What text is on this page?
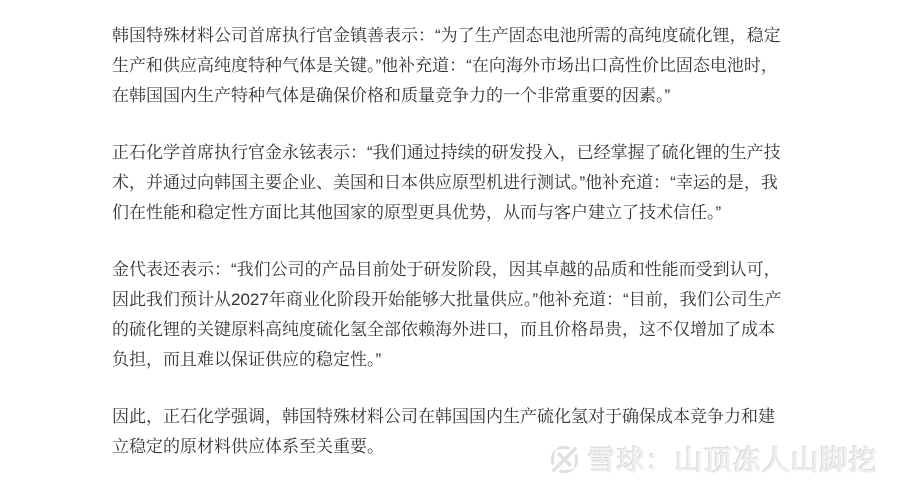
韩国特殊材料公司首席执行官金镇善表示：“为了生产固态电池所需的高纯度硫化锂，稳定生产和供应高纯度特种气体是关键。”他补充道：“在向海外市场出口高性价比固态电池时，在韩国国内生产特种气体是确保价格和质量竞争力的一个非常重要的因素。”

正石化学首席执行官金永铉表示：“我们通过持续的研发投入，已经掌握了硫化锂的生产技术，并通过向韩国主要企业、美国和日本供应原型机进行测试。”他补充道：“幸运的是，我们在性能和稳定性方面比其他国家的原型更具优势，从而与客户建立了技术信任。”

金代表还表示：“我们公司的产品目前处于研发阶段，因其卓越的品质和性能而受到认可，因此我们预计从2027年商业化阶段开始能够大批量供应。”他补充道：“目前，我们公司生产的硫化锂的关键原料高纯度硫化氢全部依赖海外进口，而且价格昂贵，这不仅增加了成本负担，而且难以保证供应的稳定性。”

因此，正石化学强调，韩国特殊材料公司在韩国国内生产硫化氢对于确保成本竞争力和建立稳定的原材料供应体系至关重要。	雪球：山顶冻人山脚挖
